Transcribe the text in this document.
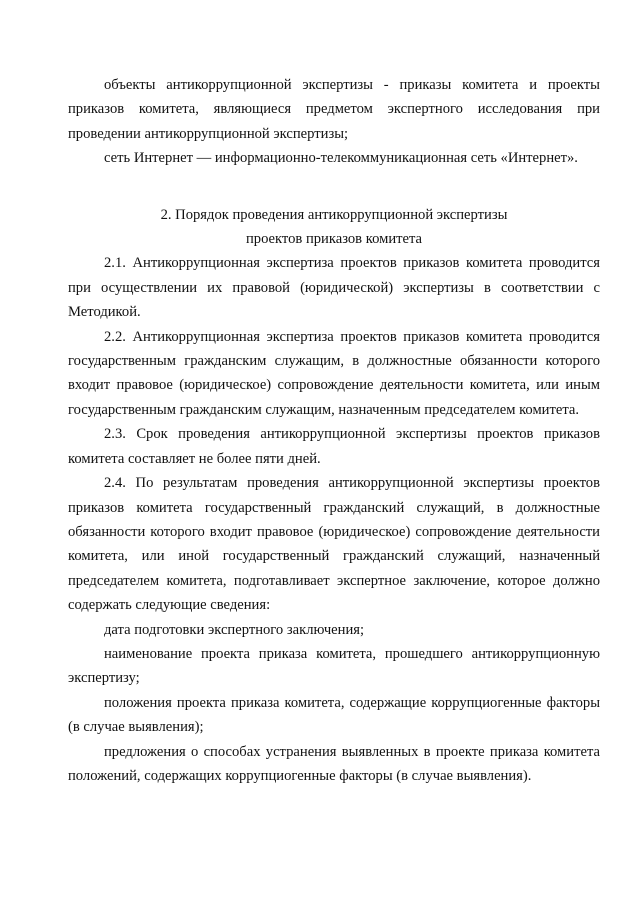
объекты антикоррупционной экспертизы - приказы комитета и проекты приказов комитета, являющиеся предметом экспертного исследования при проведении антикоррупционной экспертизы;

сеть Интернет — информационно-телекоммуникационная сеть «Интернет».

2. Порядок проведения антикоррупционной экспертизы

проектов приказов комитета

2.1. Антикоррупционная экспертиза проектов приказов комитета проводится при осуществлении их правовой (юридической) экспертизы в соответствии с Методикой.

2.2. Антикоррупционная экспертиза проектов приказов комитета проводится государственным гражданским служащим, в должностные обязанности которого входит правовое (юридическое) сопровождение деятельности комитета, или иным государственным гражданским служащим, назначенным председателем комитета.

2.3. Срок проведения антикоррупционной экспертизы проектов приказов комитета составляет не более пяти дней.

2.4. По результатам проведения антикоррупционной экспертизы проектов приказов комитета государственный гражданский служащий, в должностные обязанности которого входит правовое (юридическое) сопровождение деятельности комитета, или иной государственный гражданский служащий, назначенный председателем комитета, подготавливает экспертное заключение, которое должно содержать следующие сведения:

дата подготовки экспертного заключения;

наименование проекта приказа комитета, прошедшего антикоррупционную экспертизу;

положения проекта приказа комитета, содержащие коррупциогенные факторы (в случае выявления);

предложения о способах устранения выявленных в проекте приказа комитета положений, содержащих коррупциогенные факторы (в случае выявления).
